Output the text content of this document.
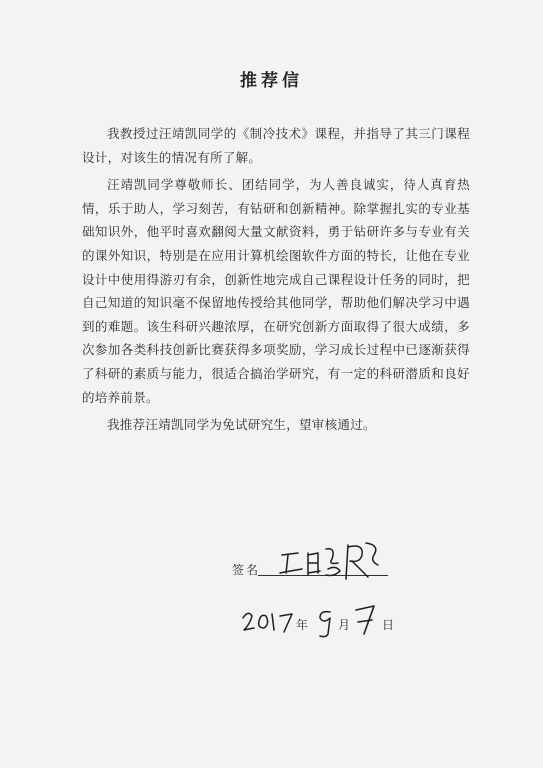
推荐信

我教授过汪靖凯同学的《制冷技术》课程，并指导了其三门课程设计，对该生的情况有所了解。

汪靖凯同学尊敬师长、团结同学，为人善良诚实，待人真育热情，乐于助人，学习刻苦，有钻研和创新精神。除掌握扎实的专业基础知识外，他平时喜欢翻阅大量文献资料，勇于钻研许多与专业有关的课外知识，特别是在应用计算机绘图软件方面的特长，让他在专业设计中使用得游刃有余，创新性地完成自己课程设计任务的同时，把自己知道的知识毫不保留地传授给其他同学，帮助他们解决学习中遇到的难题。该生科研兴趣浓厚，在研究创新方面取得了很大成绩，多次参加各类科技创新比赛获得多项奖励，学习成长过程中已逐渐获得了科研的素质与能力，很适合搞治学研究，有一定的科研潜质和良好的培养前景。

我推荐汪靖凯同学为免试研究生，望审核通过。

签名
年 月	日
